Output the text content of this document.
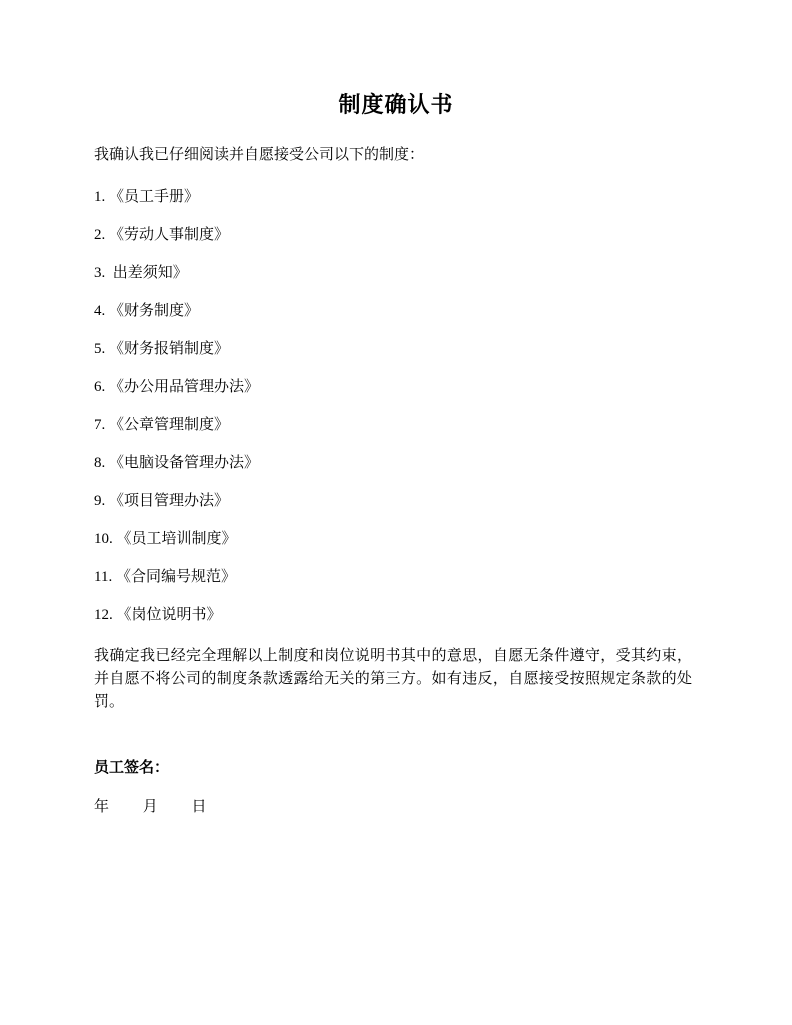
制度确认书

我确认我已仔细阅读并自愿接受公司以下的制度：

1. 《员工手册》

2. 《劳动人事制度》

3.  出差须知》

4. 《财务制度》

5. 《财务报销制度》

6. 《办公用品管理办法》

7. 《公章管理制度》

8. 《电脑设备管理办法》

9. 《项目管理办法》

10. 《员工培训制度》

11. 《合同编号规范》

12. 《岗位说明书》

我确定我已经完全理解以上制度和岗位说明书其中的意思，自愿无条件遵守，受其约束，并自愿不将公司的制度条款透露给无关的第三方。如有违反，自愿接受按照规定条款的处罚。

员工签名：

年 月 日
